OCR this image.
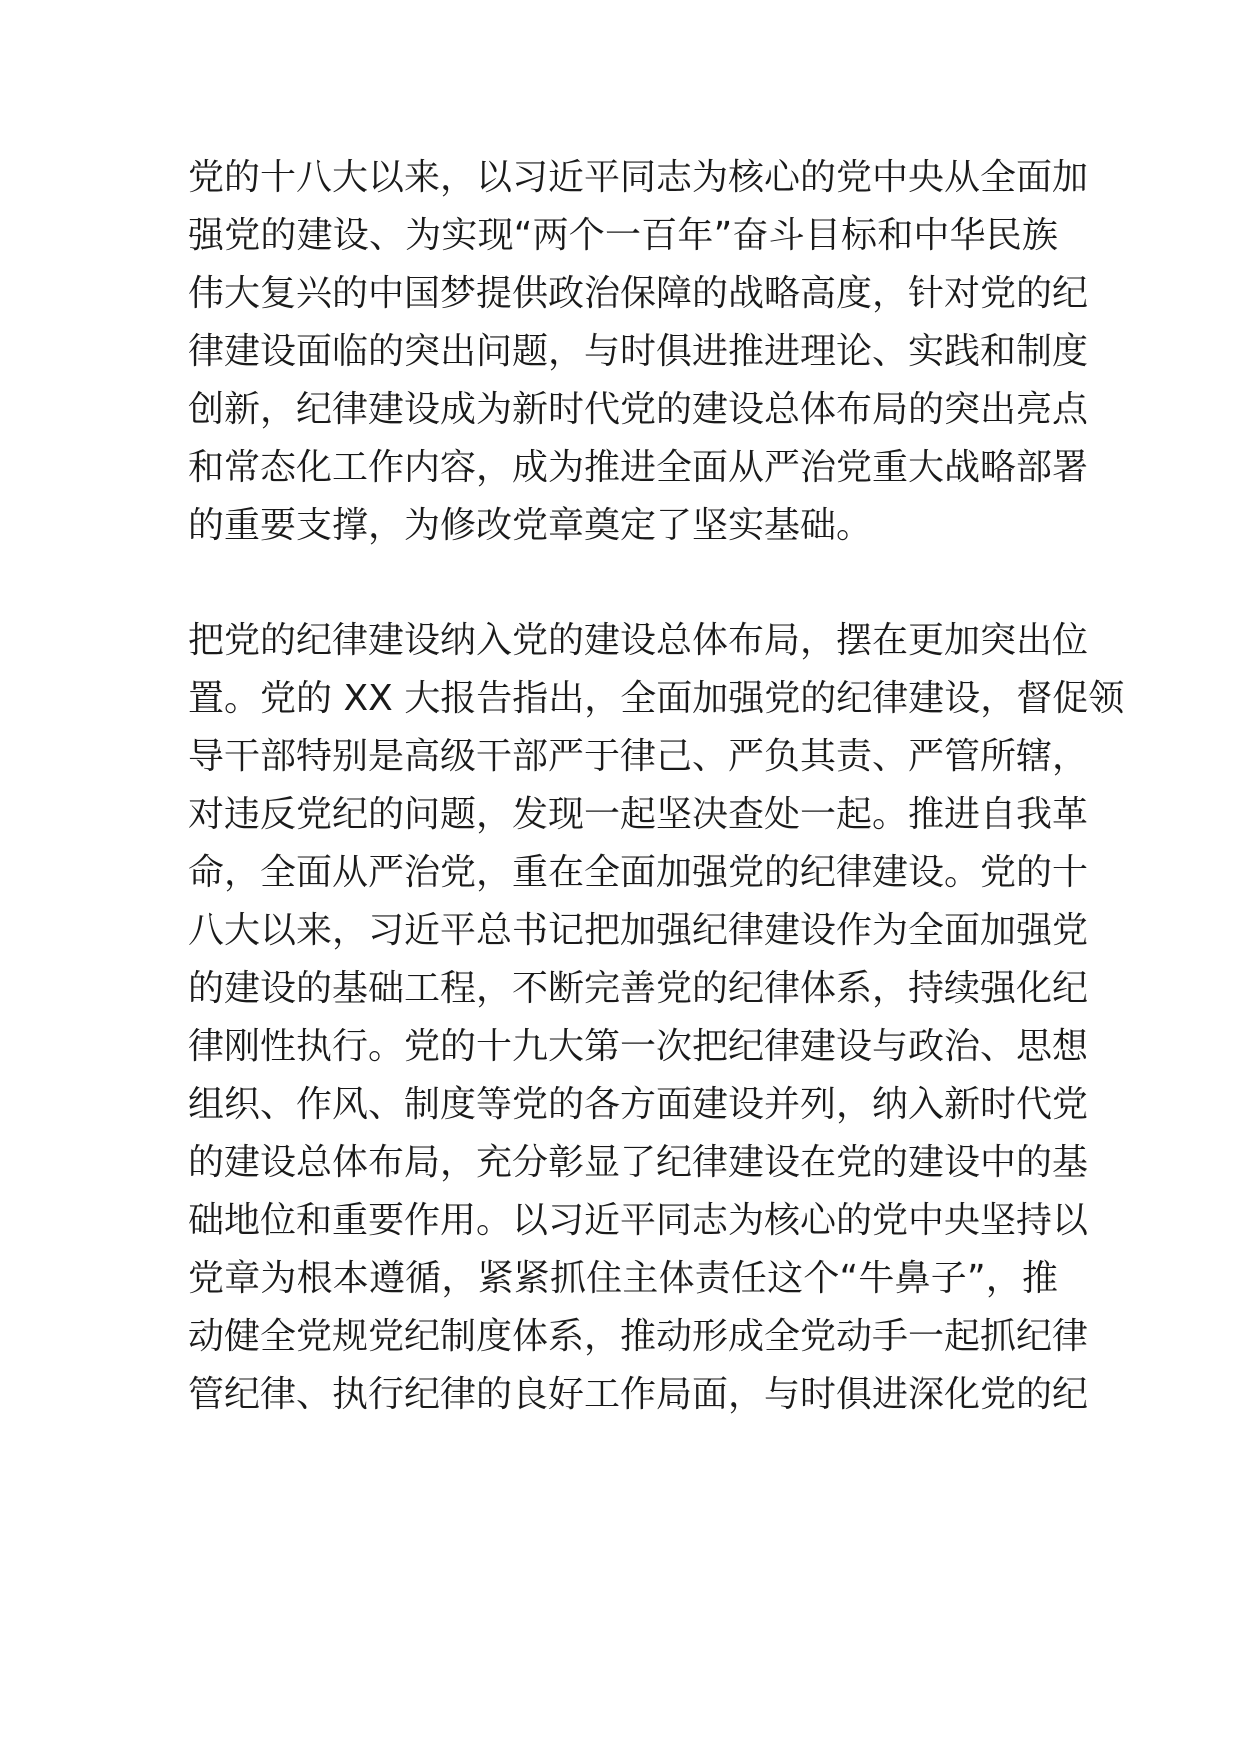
党的十八大以来，以习近平同志为核心的党中央从全面加
强党的建设、为实现“两个一百年”奋斗目标和中华民族
伟大复兴的中国梦提供政治保障的战略高度，针对党的纪
律建设面临的突出问题，与时俱进推进理论、实践和制度
创新，纪律建设成为新时代党的建设总体布局的突出亮点
和常态化工作内容，成为推进全面从严治党重大战略部署
的重要支撑，为修改党章奠定了坚实基础。
把党的纪律建设纳入党的建设总体布局，摆在更加突出位
置。党的 XX 大报告指出，全面加强党的纪律建设，督促领
导干部特别是高级干部严于律己、严负其责、严管所辖，
对违反党纪的问题，发现一起坚决查处一起。推进自我革
命，全面从严治党，重在全面加强党的纪律建设。党的十
八大以来，习近平总书记把加强纪律建设作为全面加强党
的建设的基础工程，不断完善党的纪律体系，持续强化纪
律刚性执行。党的十九大第一次把纪律建设与政治、思想
组织、作风、制度等党的各方面建设并列，纳入新时代党
的建设总体布局，充分彰显了纪律建设在党的建设中的基
础地位和重要作用。以习近平同志为核心的党中央坚持以
党章为根本遵循，紧紧抓住主体责任这个“牛鼻子”，推
动健全党规党纪制度体系，推动形成全党动手一起抓纪律
管纪律、执行纪律的良好工作局面，与时俱进深化党的纪
